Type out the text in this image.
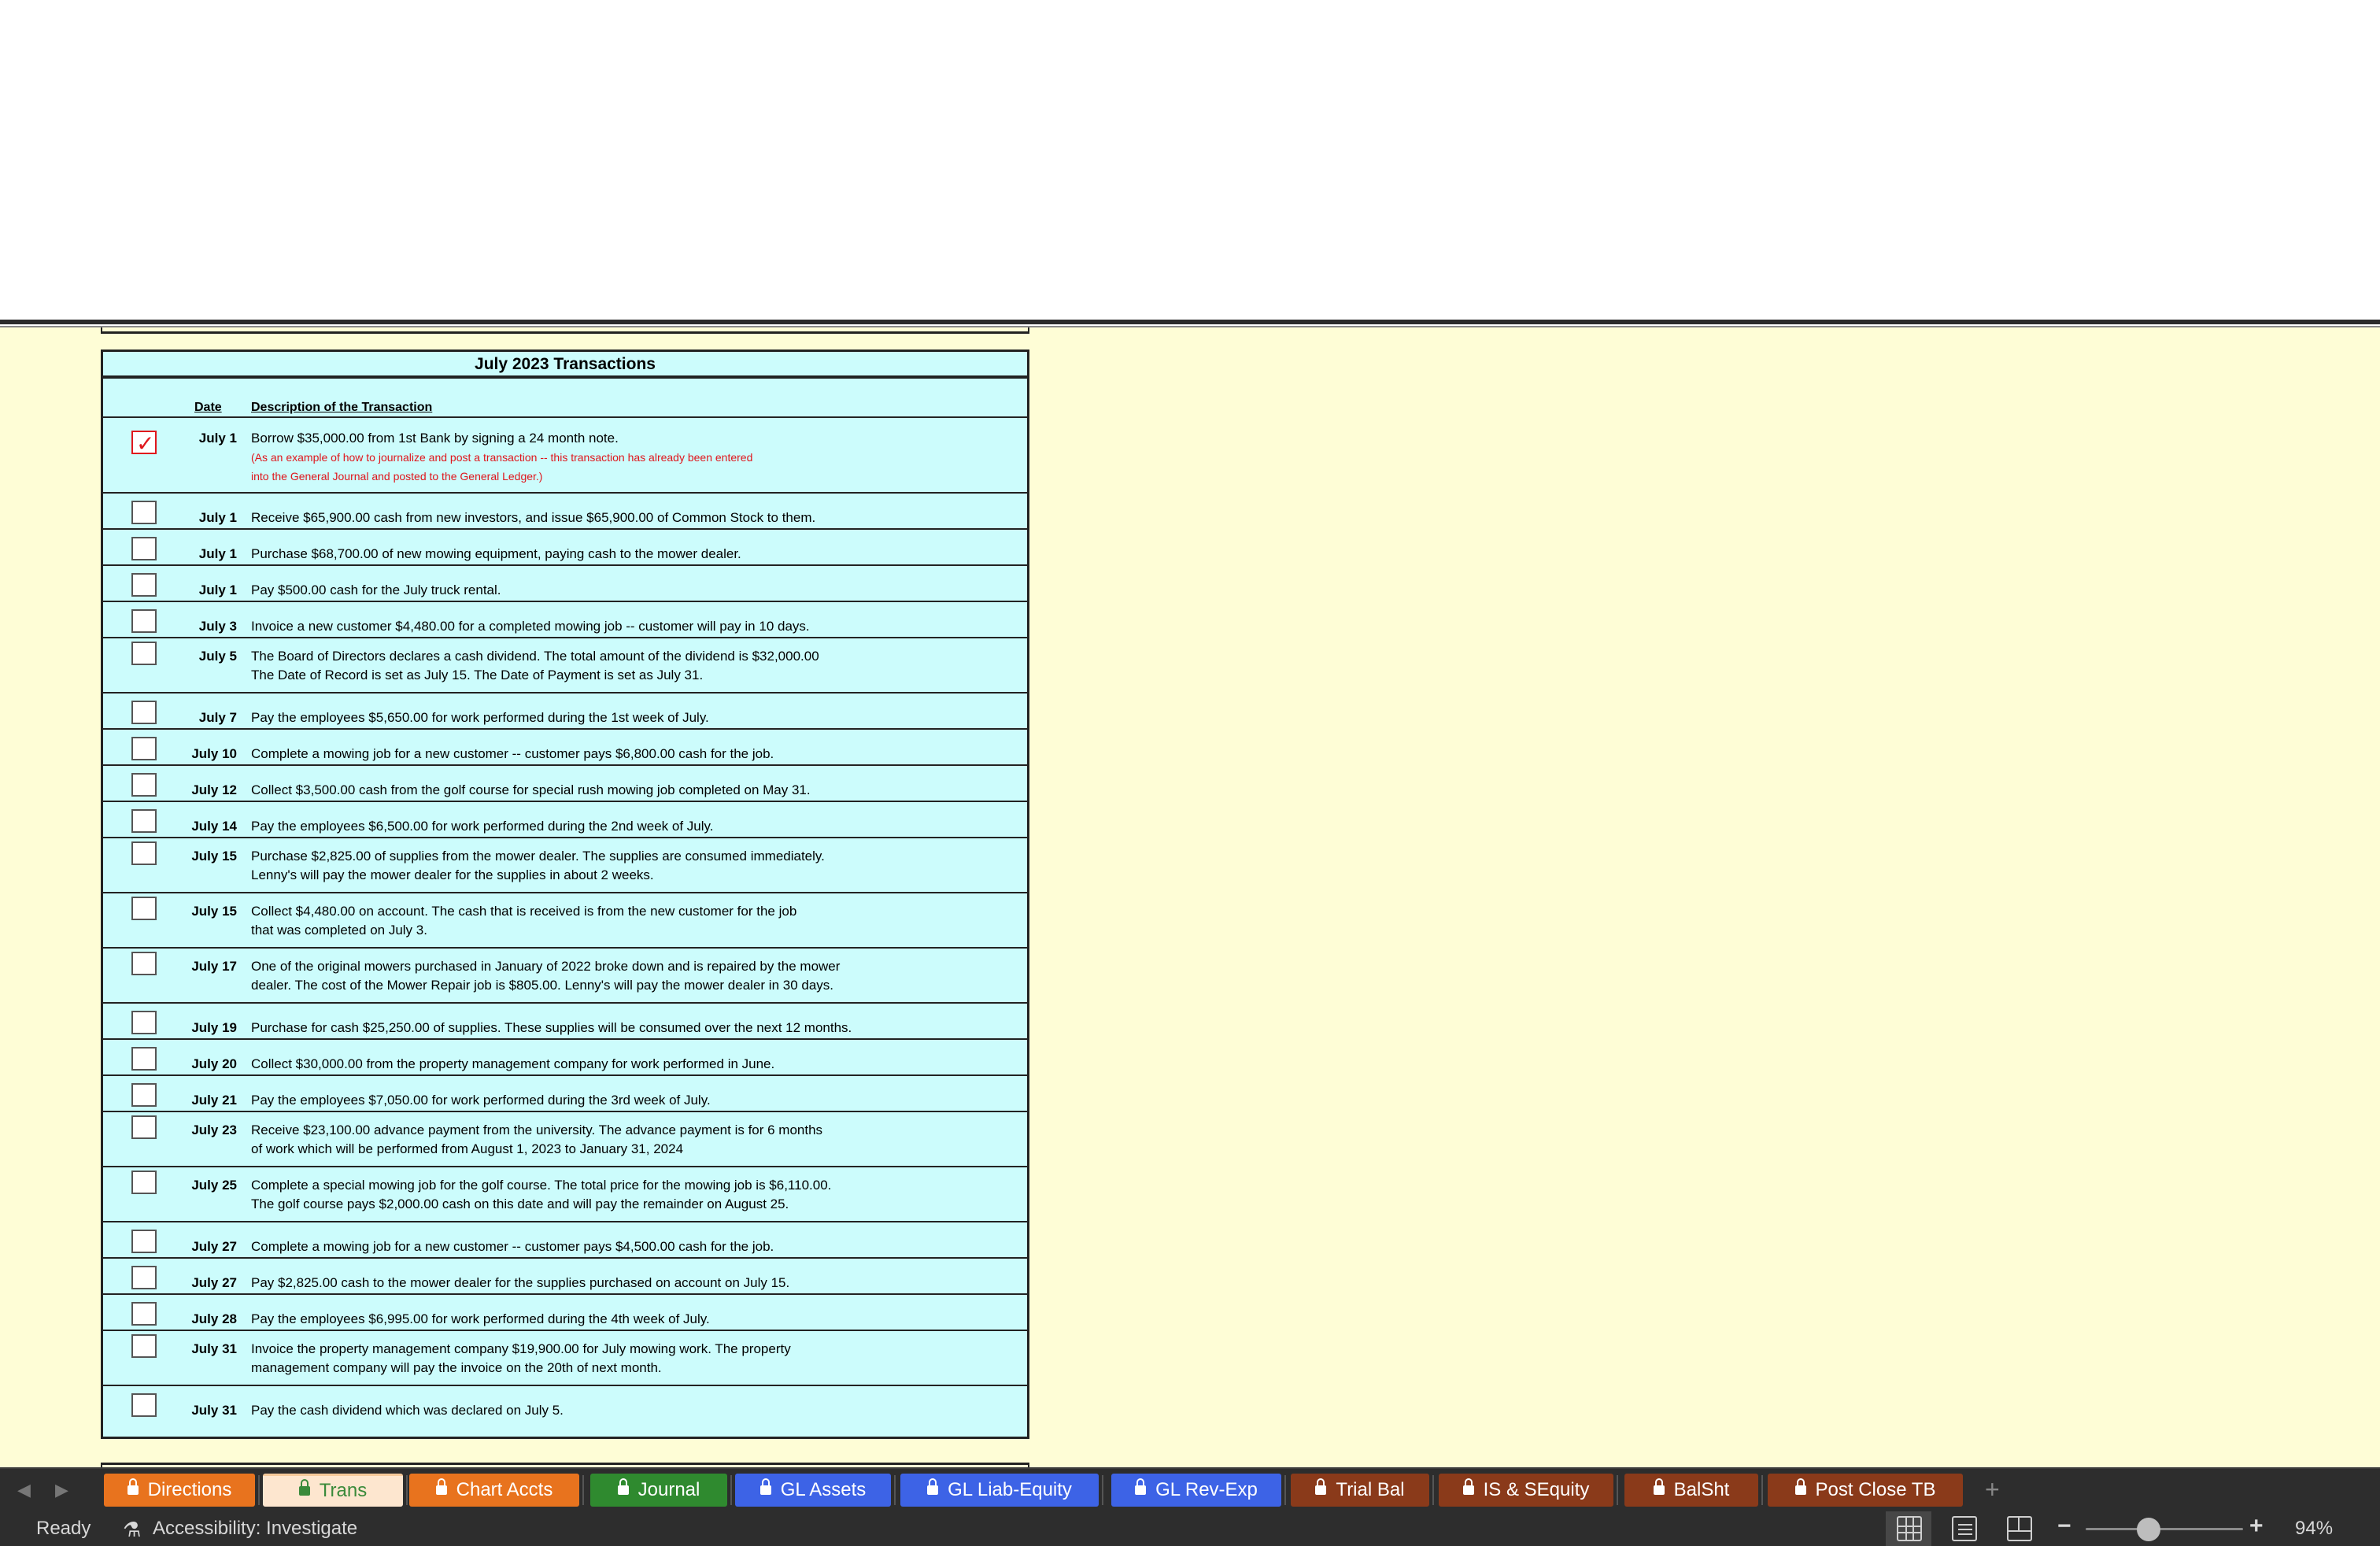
July 2023 Transactions
Date Description of the Transaction
✓
July 1 Borrow $35,000.00 from 1st Bank by signing a 24 month note.
(As an example of how to journalize and post a transaction -- this transaction has already been entered
into the General Journal and posted to the General Ledger.)
July 1 Receive $65,900.00 cash from new investors, and issue $65,900.00 of Common Stock to them.
July 1 Purchase $68,700.00 of new mowing equipment, paying cash to the mower dealer.
July 1 Pay $500.00 cash for the July truck rental.
July 3 Invoice a new customer $4,480.00 for a completed mowing job -- customer will pay in 10 days.
July 5 The Board of Directors declares a cash dividend. The total amount of the dividend is $32,000.00
The Date of Record is set as July 15. The Date of Payment is set as July 31.
July 7 Pay the employees $5,650.00 for work performed during the 1st week of July.
July 10 Complete a mowing job for a new customer -- customer pays $6,800.00 cash for the job.
July 12 Collect $3,500.00 cash from the golf course for special rush mowing job completed on May 31.
July 14 Pay the employees $6,500.00 for work performed during the 2nd week of July.
July 15 Purchase $2,825.00 of supplies from the mower dealer. The supplies are consumed immediately.
Lenny's will pay the mower dealer for the supplies in about 2 weeks.
July 15 Collect $4,480.00 on account. The cash that is received is from the new customer for the job
that was completed on July 3.
July 17 One of the original mowers purchased in January of 2022 broke down and is repaired by the mower
dealer. The cost of the Mower Repair job is $805.00. Lenny's will pay the mower dealer in 30 days.
July 19 Purchase for cash $25,250.00 of supplies. These supplies will be consumed over the next 12 months.
July 20 Collect $30,000.00 from the property management company for work performed in June.
July 21 Pay the employees $7,050.00 for work performed during the 3rd week of July.
July 23 Receive $23,100.00 advance payment from the university. The advance payment is for 6 months
of work which will be performed from August 1, 2023 to January 31, 2024
July 25 Complete a special mowing job for the golf course. The total price for the mowing job is $6,110.00.
The golf course pays $2,000.00 cash on this date and will pay the remainder on August 25.
July 27 Complete a mowing job for a new customer -- customer pays $4,500.00 cash for the job.
July 27 Pay $2,825.00 cash to the mower dealer for the supplies purchased on account on July 15.
July 28 Pay the employees $6,995.00 for work performed during the 4th week of July.
July 31 Invoice the property management company $19,900.00 for July mowing work. The property
management company will pay the invoice on the 20th of next month.
July 31 Pay the cash dividend which was declared on July 5.
◀ ▶	Directions	Trans	Chart Accts	Journal	GL Assets	GL Liab-Equity	GL Rev-Exp	Trial Bal	IS & SEquity	BalSht	Post Close TB	+
Ready ⚗ Accessibility: Investigate	−	+ 94%
